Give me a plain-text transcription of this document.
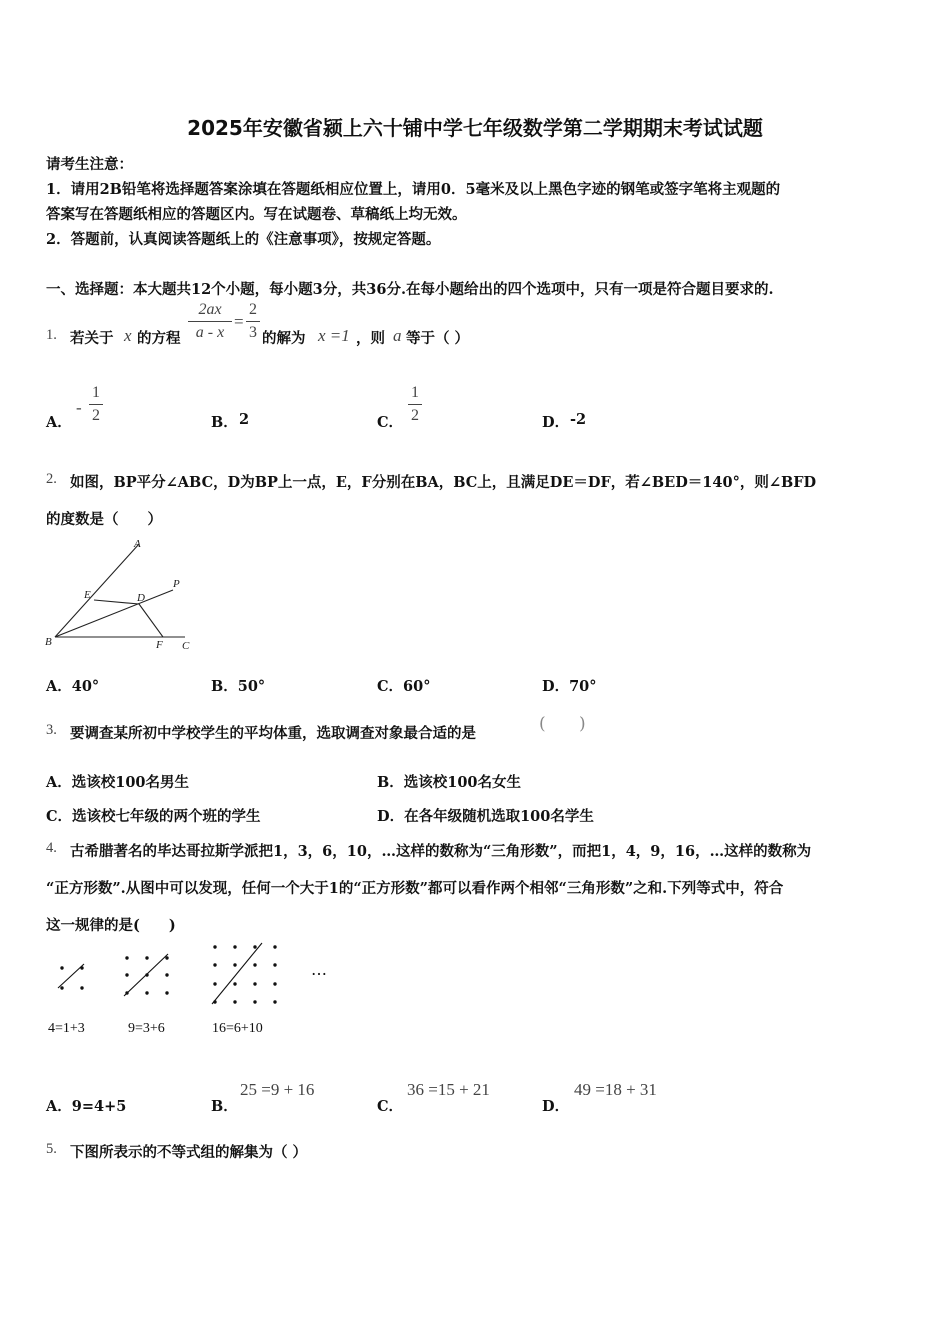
2025年安徽省颍上六十铺中学七年级数学第二学期期末考试试题
请考生注意：
1．请用2B铅笔将选择题答案涂填在答题纸相应位置上，请用0．5毫米及以上黑色字迹的钢笔或签字笔将主观题的
答案写在答题纸相应的答题区内。写在试题卷、草稿纸上均无效。
2．答题前，认真阅读答题纸上的《注意事项》，按规定答题。
一、选择题：本大题共12个小题，每小题3分，共36分.在每小题给出的四个选项中，只有一项是符合题目要求的.
1. 若关于 x 的方程
2ax
a - x
=
2
3 的解为 x =1 ，则 a 等于（ ）
A．
-
1
2	B． 2	C．
1
2	D． -2
2. 如图，BP平分∠ABC，D为BP上一点，E，F分别在BA，BC上，且满足DE＝DF，若∠BED＝140°，则∠BFD
的度数是（　　）
A
P
E	D
B	F C
A．40°	B．50°	C．60°	D．70°
3. 要调查某所初中学校学生的平均体重，选取调查对象最合适的是	( )
A．选该校100名男生	B．选该校100名女生
C．选该校七年级的两个班的学生	D．在各年级随机选取100名学生
4. 古希腊著名的毕达哥拉斯学派把1，3，6，10，…这样的数称为“三角形数”，而把1，4，9，16，…这样的数称为
“正方形数”.从图中可以发现，任何一个大于1的“正方形数”都可以看作两个相邻“三角形数”之和.下列等式中，符合
这一规律的是(　　)
…
4=1+3	9=3+6	16=6+10
A．9=4+5	B．
25 =9 + 16
C．
36 =15 + 21
D．
49 =18 + 31
5. 下图所表示的不等式组的解集为（ ）
